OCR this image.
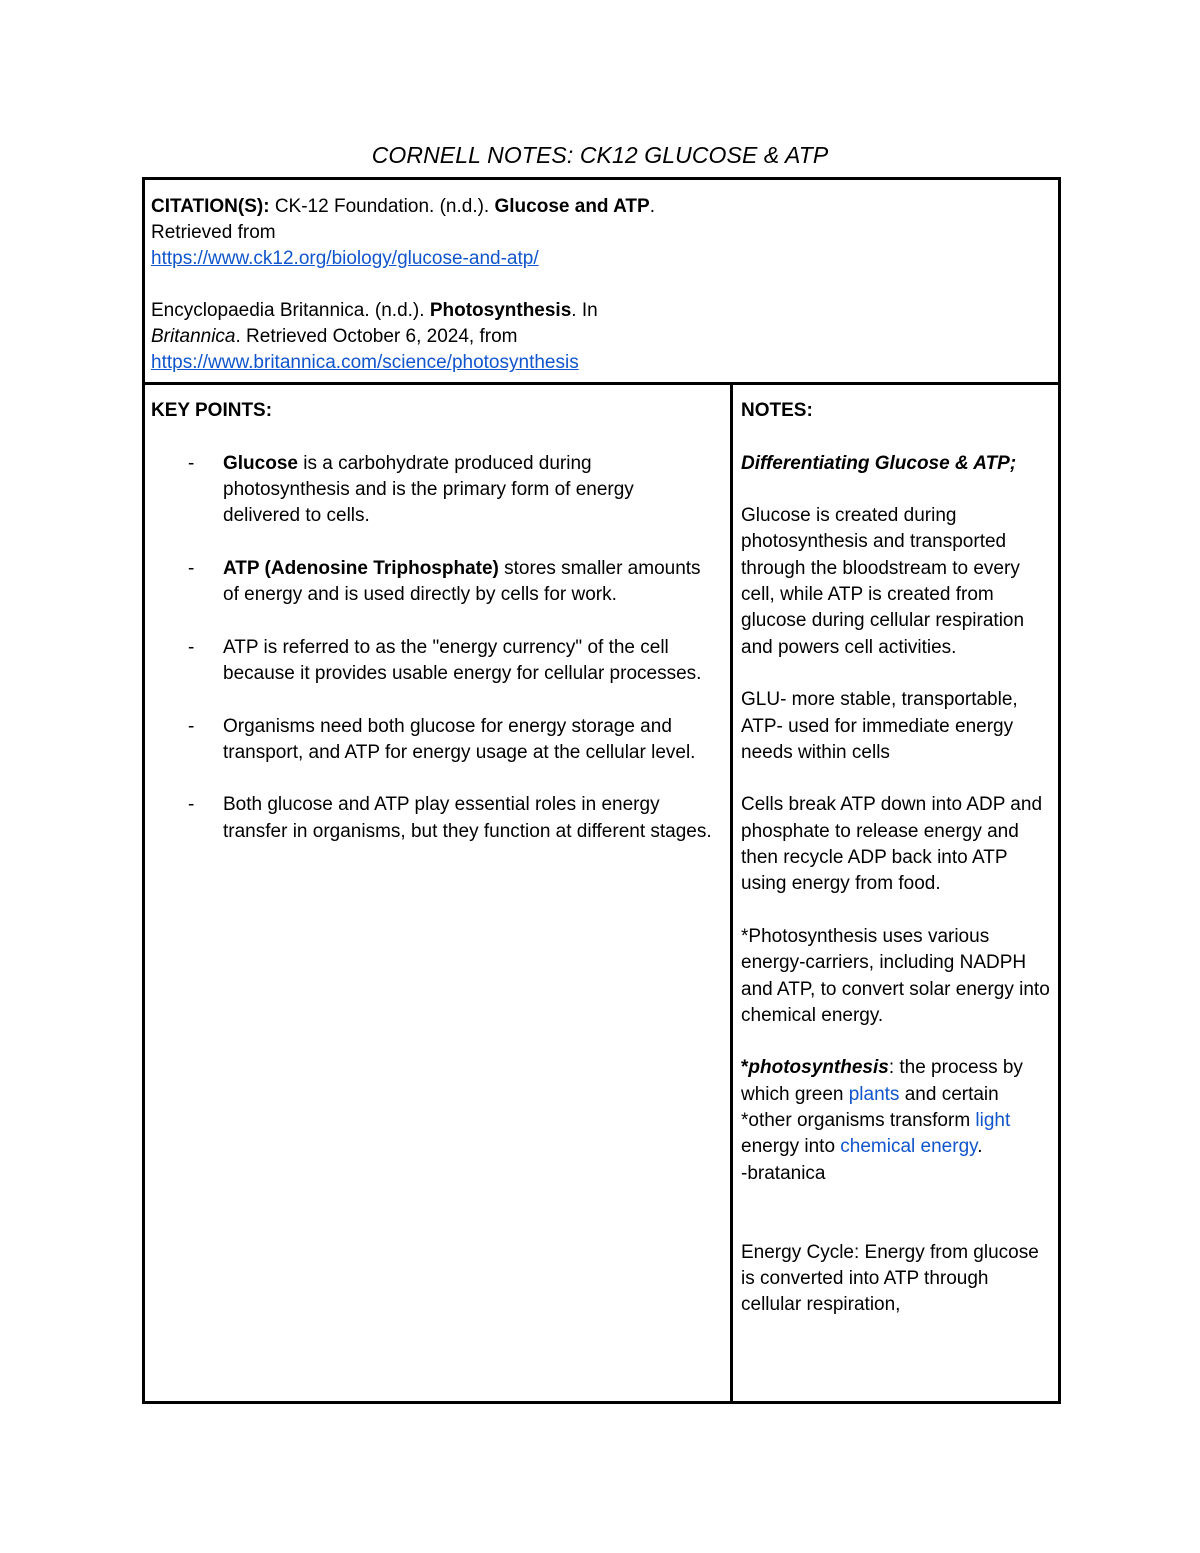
CORNELL NOTES: CK12 GLUCOSE & ATP
CITATION(S): CK-12 Foundation. (n.d.). Glucose and ATP.
Retrieved from
https://www.ck12.org/biology/glucose-and-atp/
Encyclopaedia Britannica. (n.d.). Photosynthesis. In
Britannica. Retrieved October 6, 2024, from
https://www.britannica.com/science/photosynthesis
KEY POINTS:
- Glucose is a carbohydrate produced during photosynthesis and is the primary form of energy delivered to cells.
- ATP (Adenosine Triphosphate) stores smaller amounts of energy and is used directly by cells for work.
- ATP is referred to as the "energy currency" of the cell because it provides usable energy for cellular processes.
- Organisms need both glucose for energy storage and transport, and ATP for energy usage at the cellular level.
- Both glucose and ATP play essential roles in energy transfer in organisms, but they function at different stages.
NOTES:
Differentiating Glucose & ATP;

Glucose is created during photosynthesis and transported through the bloodstream to every cell, while ATP is created from glucose during cellular respiration and powers cell activities.

GLU- more stable, transportable, ATP- used for immediate energy needs within cells

Cells break ATP down into ADP and phosphate to release energy and then recycle ADP back into ATP using energy from food.

*Photosynthesis uses various energy-carriers, including NADPH and ATP, to convert solar energy into chemical energy.

*photosynthesis: the process by which green plants and certain *other organisms transform light energy into chemical energy.

-bratanica

Energy Cycle: Energy from glucose is converted into ATP through cellular respiration,
